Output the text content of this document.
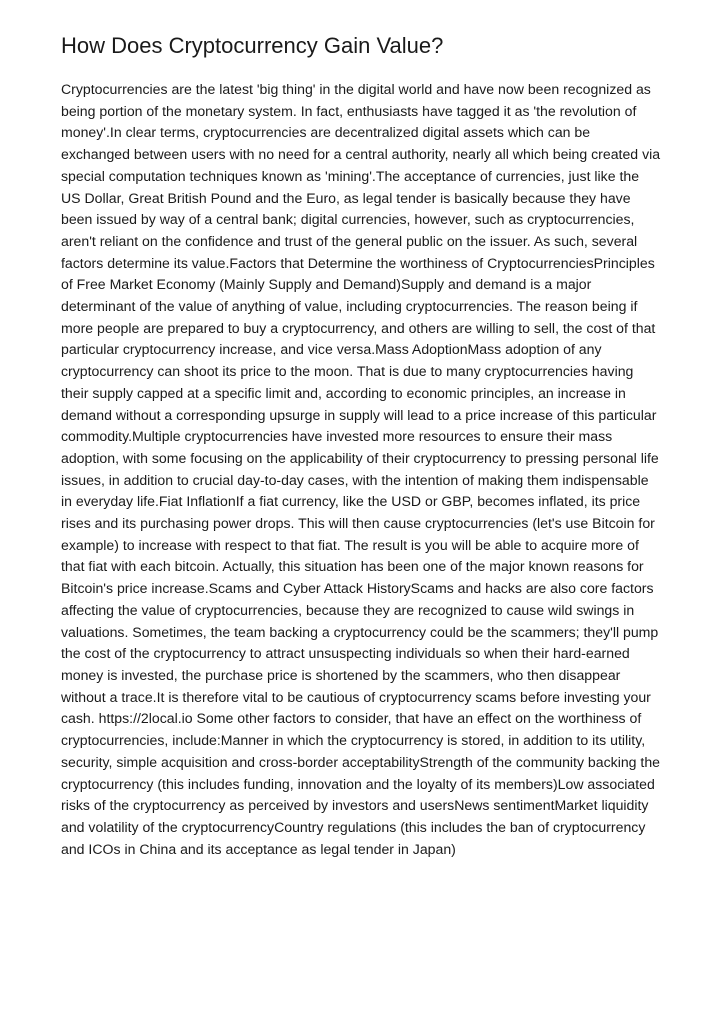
How Does Cryptocurrency Gain Value?

Cryptocurrencies are the latest 'big thing' in the digital world and have now been recognized as being portion of the monetary system. In fact, enthusiasts have tagged it as 'the revolution of money'.In clear terms, cryptocurrencies are decentralized digital assets which can be exchanged between users with no need for a central authority, nearly all which being created via special computation techniques known as 'mining'.The acceptance of currencies, just like the US Dollar, Great British Pound and the Euro, as legal tender is basically because they have been issued by way of a central bank; digital currencies, however, such as cryptocurrencies, aren't reliant on the confidence and trust of the general public on the issuer. As such, several factors determine its value.Factors that Determine the worthiness of CryptocurrenciesPrinciples of Free Market Economy (Mainly Supply and Demand)Supply and demand is a major determinant of the value of anything of value, including cryptocurrencies. The reason being if more people are prepared to buy a cryptocurrency, and others are willing to sell, the cost of that particular cryptocurrency increase, and vice versa.Mass AdoptionMass adoption of any cryptocurrency can shoot its price to the moon. That is due to many cryptocurrencies having their supply capped at a specific limit and, according to economic principles, an increase in demand without a corresponding upsurge in supply will lead to a price increase of this particular commodity.Multiple cryptocurrencies have invested more resources to ensure their mass adoption, with some focusing on the applicability of their cryptocurrency to pressing personal life issues, in addition to crucial day-to-day cases, with the intention of making them indispensable in everyday life.Fiat InflationIf a fiat currency, like the USD or GBP, becomes inflated, its price rises and its purchasing power drops. This will then cause cryptocurrencies (let's use Bitcoin for example) to increase with respect to that fiat. The result is you will be able to acquire more of that fiat with each bitcoin. Actually, this situation has been one of the major known reasons for Bitcoin's price increase.Scams and Cyber Attack HistoryScams and hacks are also core factors affecting the value of cryptocurrencies, because they are recognized to cause wild swings in valuations. Sometimes, the team backing a cryptocurrency could be the scammers; they'll pump the cost of the cryptocurrency to attract unsuspecting individuals so when their hard-earned money is invested, the purchase price is shortened by the scammers, who then disappear without a trace.It is therefore vital to be cautious of cryptocurrency scams before investing your cash. https://2local.io Some other factors to consider, that have an effect on the worthiness of cryptocurrencies, include:Manner in which the cryptocurrency is stored, in addition to its utility, security, simple acquisition and cross-border acceptabilityStrength of the community backing the cryptocurrency (this includes funding, innovation and the loyalty of its members)Low associated risks of the cryptocurrency as perceived by investors and usersNews sentimentMarket liquidity and volatility of the cryptocurrencyCountry regulations (this includes the ban of cryptocurrency and ICOs in China and its acceptance as legal tender in Japan)
